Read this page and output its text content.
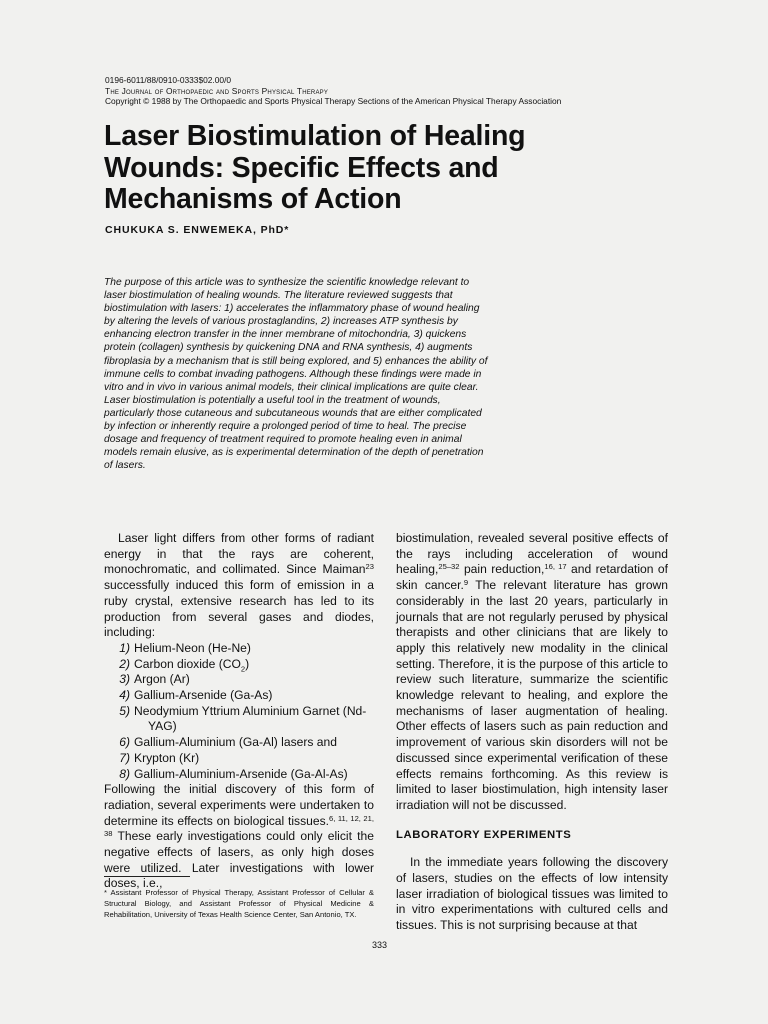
0196-6011/88/0910-0333$02.00/0
The Journal of Orthopaedic and Sports Physical Therapy
Copyright © 1988 by The Orthopaedic and Sports Physical Therapy Sections of the American Physical Therapy Association
Laser Biostimulation of Healing Wounds: Specific Effects and Mechanisms of Action
CHUKUKA S. ENWEMEKA, PhD*
The purpose of this article was to synthesize the scientific knowledge relevant to
laser biostimulation of healing wounds. The literature reviewed suggests that
biostimulation with lasers: 1) accelerates the inflammatory phase of wound healing
by altering the levels of various prostaglandins, 2) increases ATP synthesis by
enhancing electron transfer in the inner membrane of mitochondria, 3) quickens
protein (collagen) synthesis by quickening DNA and RNA synthesis, 4) augments
fibroplasia by a mechanism that is still being explored, and 5) enhances the ability of
immune cells to combat invading pathogens. Although these findings were made in
vitro and in vivo in various animal models, their clinical implications are quite clear.
Laser biostimulation is potentially a useful tool in the treatment of wounds,
particularly those cutaneous and subcutaneous wounds that are either complicated
by infection or inherently require a prolonged period of time to heal. The precise
dosage and frequency of treatment required to promote healing even in animal
models remain elusive, as is experimental determination of the depth of penetration
of lasers.

Laser light differs from other forms of radiant energy in that the rays are coherent, monochromatic, and collimated. Since Maiman$^{23}$ successfully induced this form of emission in a ruby crystal, extensive research has led to its production from several gases and diodes, including:

1) Helium-Neon (He-Ne)
2) Carbon dioxide $(CO_2)$
3) Argon (Ar)
4) Gallium-Arsenide (Ga-As)
5) Neodymium Yttrium Aluminium Garnet (Nd-
YAG)
6) Gallium-Aluminium (Ga-Al) lasers and
7) Krypton (Kr)
8) Gallium-Aluminium-Arsenide (Ga-Al-As)

Following the initial discovery of this form of radiation, several experiments were undertaken to determine its effects on biological tissues.$^{6, 11, 12, 21, 38}$ These early investigations could only elicit the negative effects of lasers, as only high doses were utilized. Later investigations with lower doses, i.e.,

biostimulation, revealed several positive effects of the rays including acceleration of wound healing,$^{25-32}$ pain reduction,$^{16, 17}$ and retardation of skin cancer.$^9$ The relevant literature has grown considerably in the last 20 years, particularly in journals that are not regularly perused by physical therapists and other clinicians that are likely to apply this relatively new modality in the clinical setting. Therefore, it is the purpose of this article to review such literature, summarize the scientific knowledge relevant to healing, and explore the mechanisms of laser augmentation of healing. Other effects of lasers such as pain reduction and improvement of various skin disorders will not be discussed since experimental verification of these effects remains forthcoming. As this review is limited to laser biostimulation, high intensity laser irradiation will not be discussed.

LABORATORY EXPERIMENTS

In the immediate years following the discovery of lasers, studies on the effects of low intensity laser irradiation of biological tissues was limited to in vitro experimentations with cultured cells and tissues. This is not surprising because at that

* Assistant Professor of Physical Therapy, Assistant Professor of Cellular & Structural Biology, and Assistant Professor of Physical Medicine & Rehabilitation, University of Texas Health Science Center, San Antonio, TX.
333
